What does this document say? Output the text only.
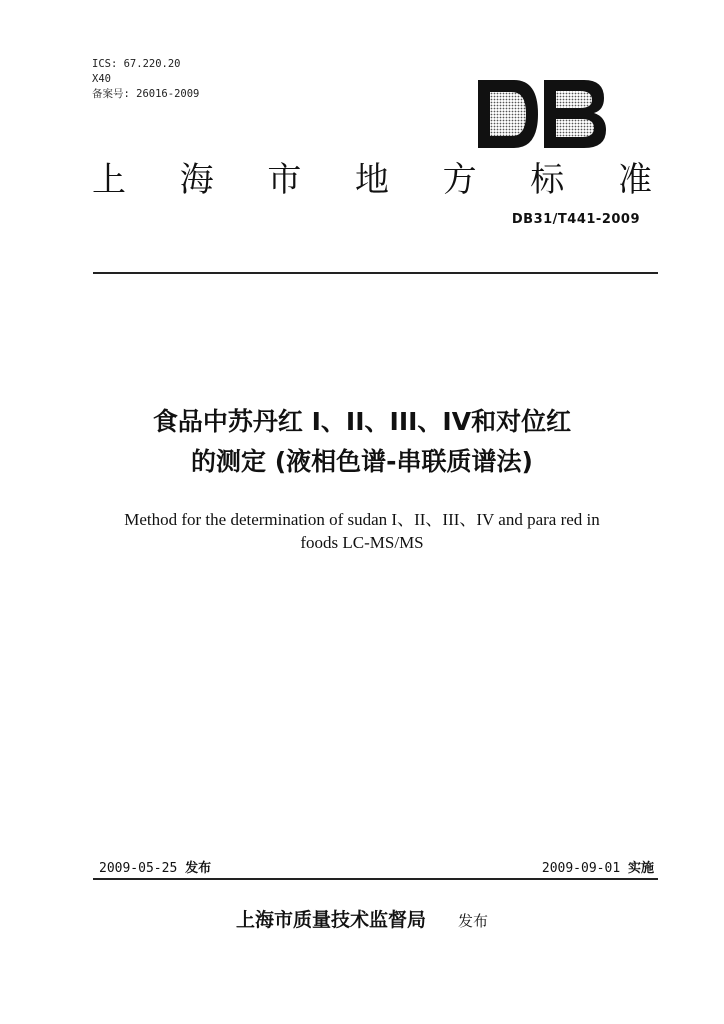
ICS: 67.220.20
X40
备案号: 26016-2009
上 海 市 地 方 标 准
DB31/T441-2009
食品中苏丹红 I、II、III、IV和对位红
的测定 (液相色谱-串联质谱法)
Method for the determination of sudan I、II、III、IV and para red in
foods LC-MS/MS
2009-05-25 发布	2009-09-01 实施
上海市质量技术监督局 发布
